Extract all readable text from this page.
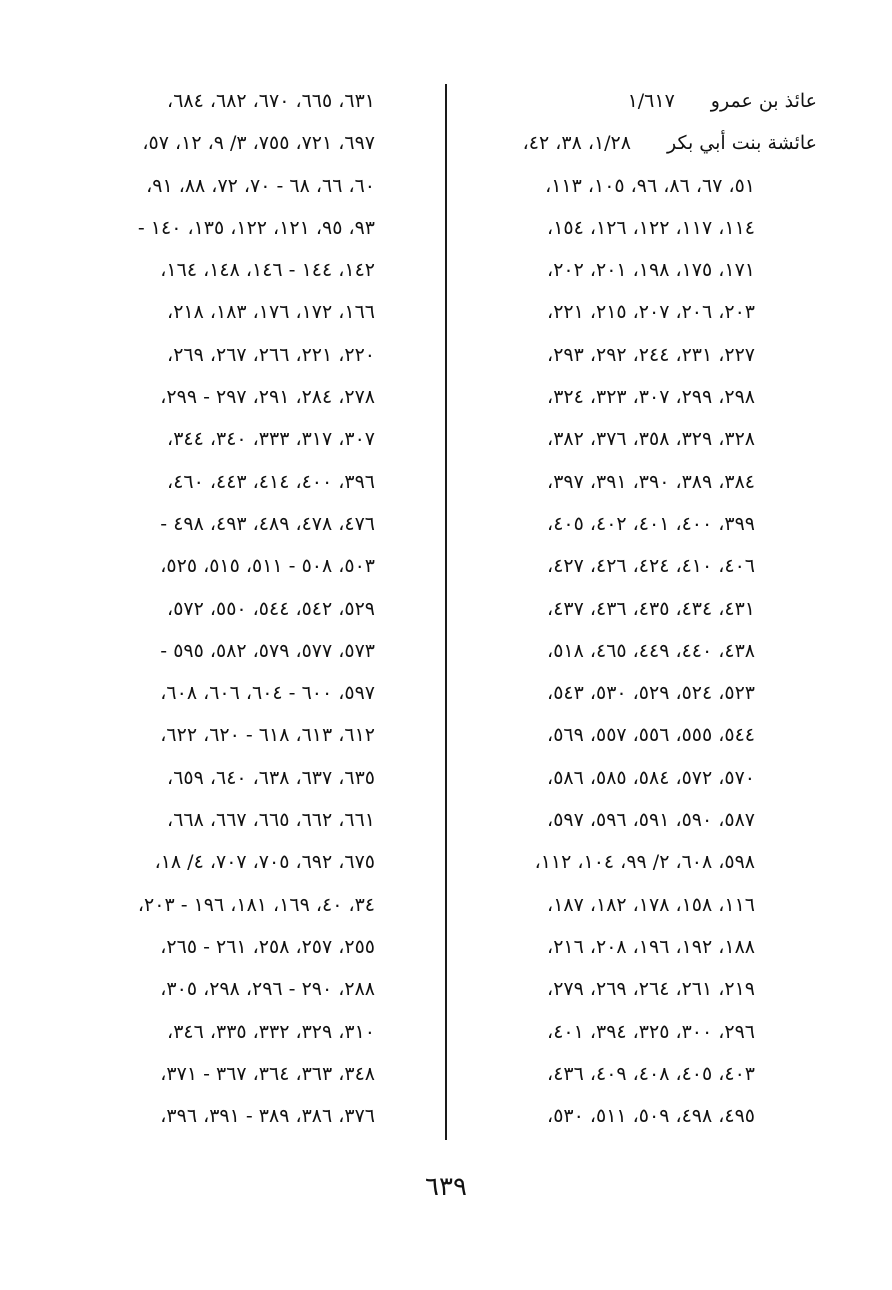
عائذ بن عمرو
١/٦١٧
عائشة بنت أبي بكر
١/٢٨، ٣٨، ٤٢،
٥١، ٦٧، ٨٦، ٩٦، ١٠٥، ١١٣،
١١٤، ١١٧، ١٢٢، ١٢٦، ١٥٤،
١٧١، ١٧٥، ١٩٨، ٢٠١، ٢٠٢،
٢٠٣، ٢٠٦، ٢٠٧، ٢١٥، ٢٢١،
٢٢٧، ٢٣١، ٢٤٤، ٢٩٢، ٢٩٣،
٢٩٨، ٢٩٩، ٣٠٧، ٣٢٣، ٣٢٤،
٣٢٨، ٣٢٩، ٣٥٨، ٣٧٦، ٣٨٢،
٣٨٤، ٣٨٩، ٣٩٠، ٣٩١، ٣٩٧،
٣٩٩، ٤٠٠، ٤٠١، ٤٠٢، ٤٠٥،
٤٠٦، ٤١٠، ٤٢٤، ٤٢٦، ٤٢٧،
٤٣١، ٤٣٤، ٤٣٥، ٤٣٦، ٤٣٧،
٤٣٨، ٤٤٠، ٤٤٩، ٤٦٥، ٥١٨،
٥٢٣، ٥٢٤، ٥٢٩، ٥٣٠، ٥٤٣،
٥٤٤، ٥٥٥، ٥٥٦، ٥٥٧، ٥٦٩،
٥٧٠، ٥٧٢، ٥٨٤، ٥٨٥، ٥٨٦،
٥٨٧، ٥٩٠، ٥٩١، ٥٩٦، ٥٩٧،
٥٩٨، ٦٠٨، ٢/ ٩٩، ١٠٤، ١١٢،
١١٦، ١٥٨، ١٧٨، ١٨٢، ١٨٧،
١٨٨، ١٩٢، ١٩٦، ٢٠٨، ٢١٦،
٢١٩، ٢٦١، ٢٦٤، ٢٦٩، ٢٧٩،
٢٩٦، ٣٠٠، ٣٢٥، ٣٩٤، ٤٠١،
٤٠٣، ٤٠٥، ٤٠٨، ٤٠٩، ٤٣٦،
٤٩٥، ٤٩٨، ٥٠٩، ٥١١، ٥٣٠،
٦٣١، ٦٦٥، ٦٧٠، ٦٨٢، ٦٨٤،
٦٩٧، ٧٢١، ٧٥٥، ٣/ ٩، ١٢، ٥٧،
٦٠، ٦٦، ٦٨ - ٧٠، ٧٢، ٨٨، ٩١،
٩٣، ٩٥، ١٢١، ١٢٢، ١٣٥، ١٤٠ -
١٤٢، ١٤٤ - ١٤٦، ١٤٨، ١٦٤،
١٦٦، ١٧٢، ١٧٦، ١٨٣، ٢١٨،
٢٢٠، ٢٢١، ٢٦٦، ٢٦٧، ٢٦٩،
٢٧٨، ٢٨٤، ٢٩١، ٢٩٧ - ٢٩٩،
٣٠٧، ٣١٧، ٣٣٣، ٣٤٠، ٣٤٤،
٣٩٦، ٤٠٠، ٤١٤، ٤٤٣، ٤٦٠،
٤٧٦، ٤٧٨، ٤٨٩، ٤٩٣، ٤٩٨ -
٥٠٣، ٥٠٨ - ٥١١، ٥١٥، ٥٢٥،
٥٢٩، ٥٤٢، ٥٤٤، ٥٥٠، ٥٧٢،
٥٧٣، ٥٧٧، ٥٧٩، ٥٨٢، ٥٩٥ -
٥٩٧، ٦٠٠ - ٦٠٤، ٦٠٦، ٦٠٨،
٦١٢، ٦١٣، ٦١٨ - ٦٢٠، ٦٢٢،
٦٣٥، ٦٣٧، ٦٣٨، ٦٤٠، ٦٥٩،
٦٦١، ٦٦٢، ٦٦٥، ٦٦٧، ٦٦٨،
٦٧٥، ٦٩٢، ٧٠٥، ٧٠٧، ٤/ ١٨،
٣٤، ٤٠، ١٦٩، ١٨١، ١٩٦ - ٢٠٣،
٢٥٥، ٢٥٧، ٢٥٨، ٢٦١ - ٢٦٥،
٢٨٨، ٢٩٠ - ٢٩٦، ٢٩٨، ٣٠٥،
٣١٠، ٣٢٩، ٣٣٢، ٣٣٥، ٣٤٦،
٣٤٨، ٣٦٣، ٣٦٤، ٣٦٧ - ٣٧١،
٣٧٦، ٣٨٦، ٣٨٩ - ٣٩١، ٣٩٦،
٦٣٩
